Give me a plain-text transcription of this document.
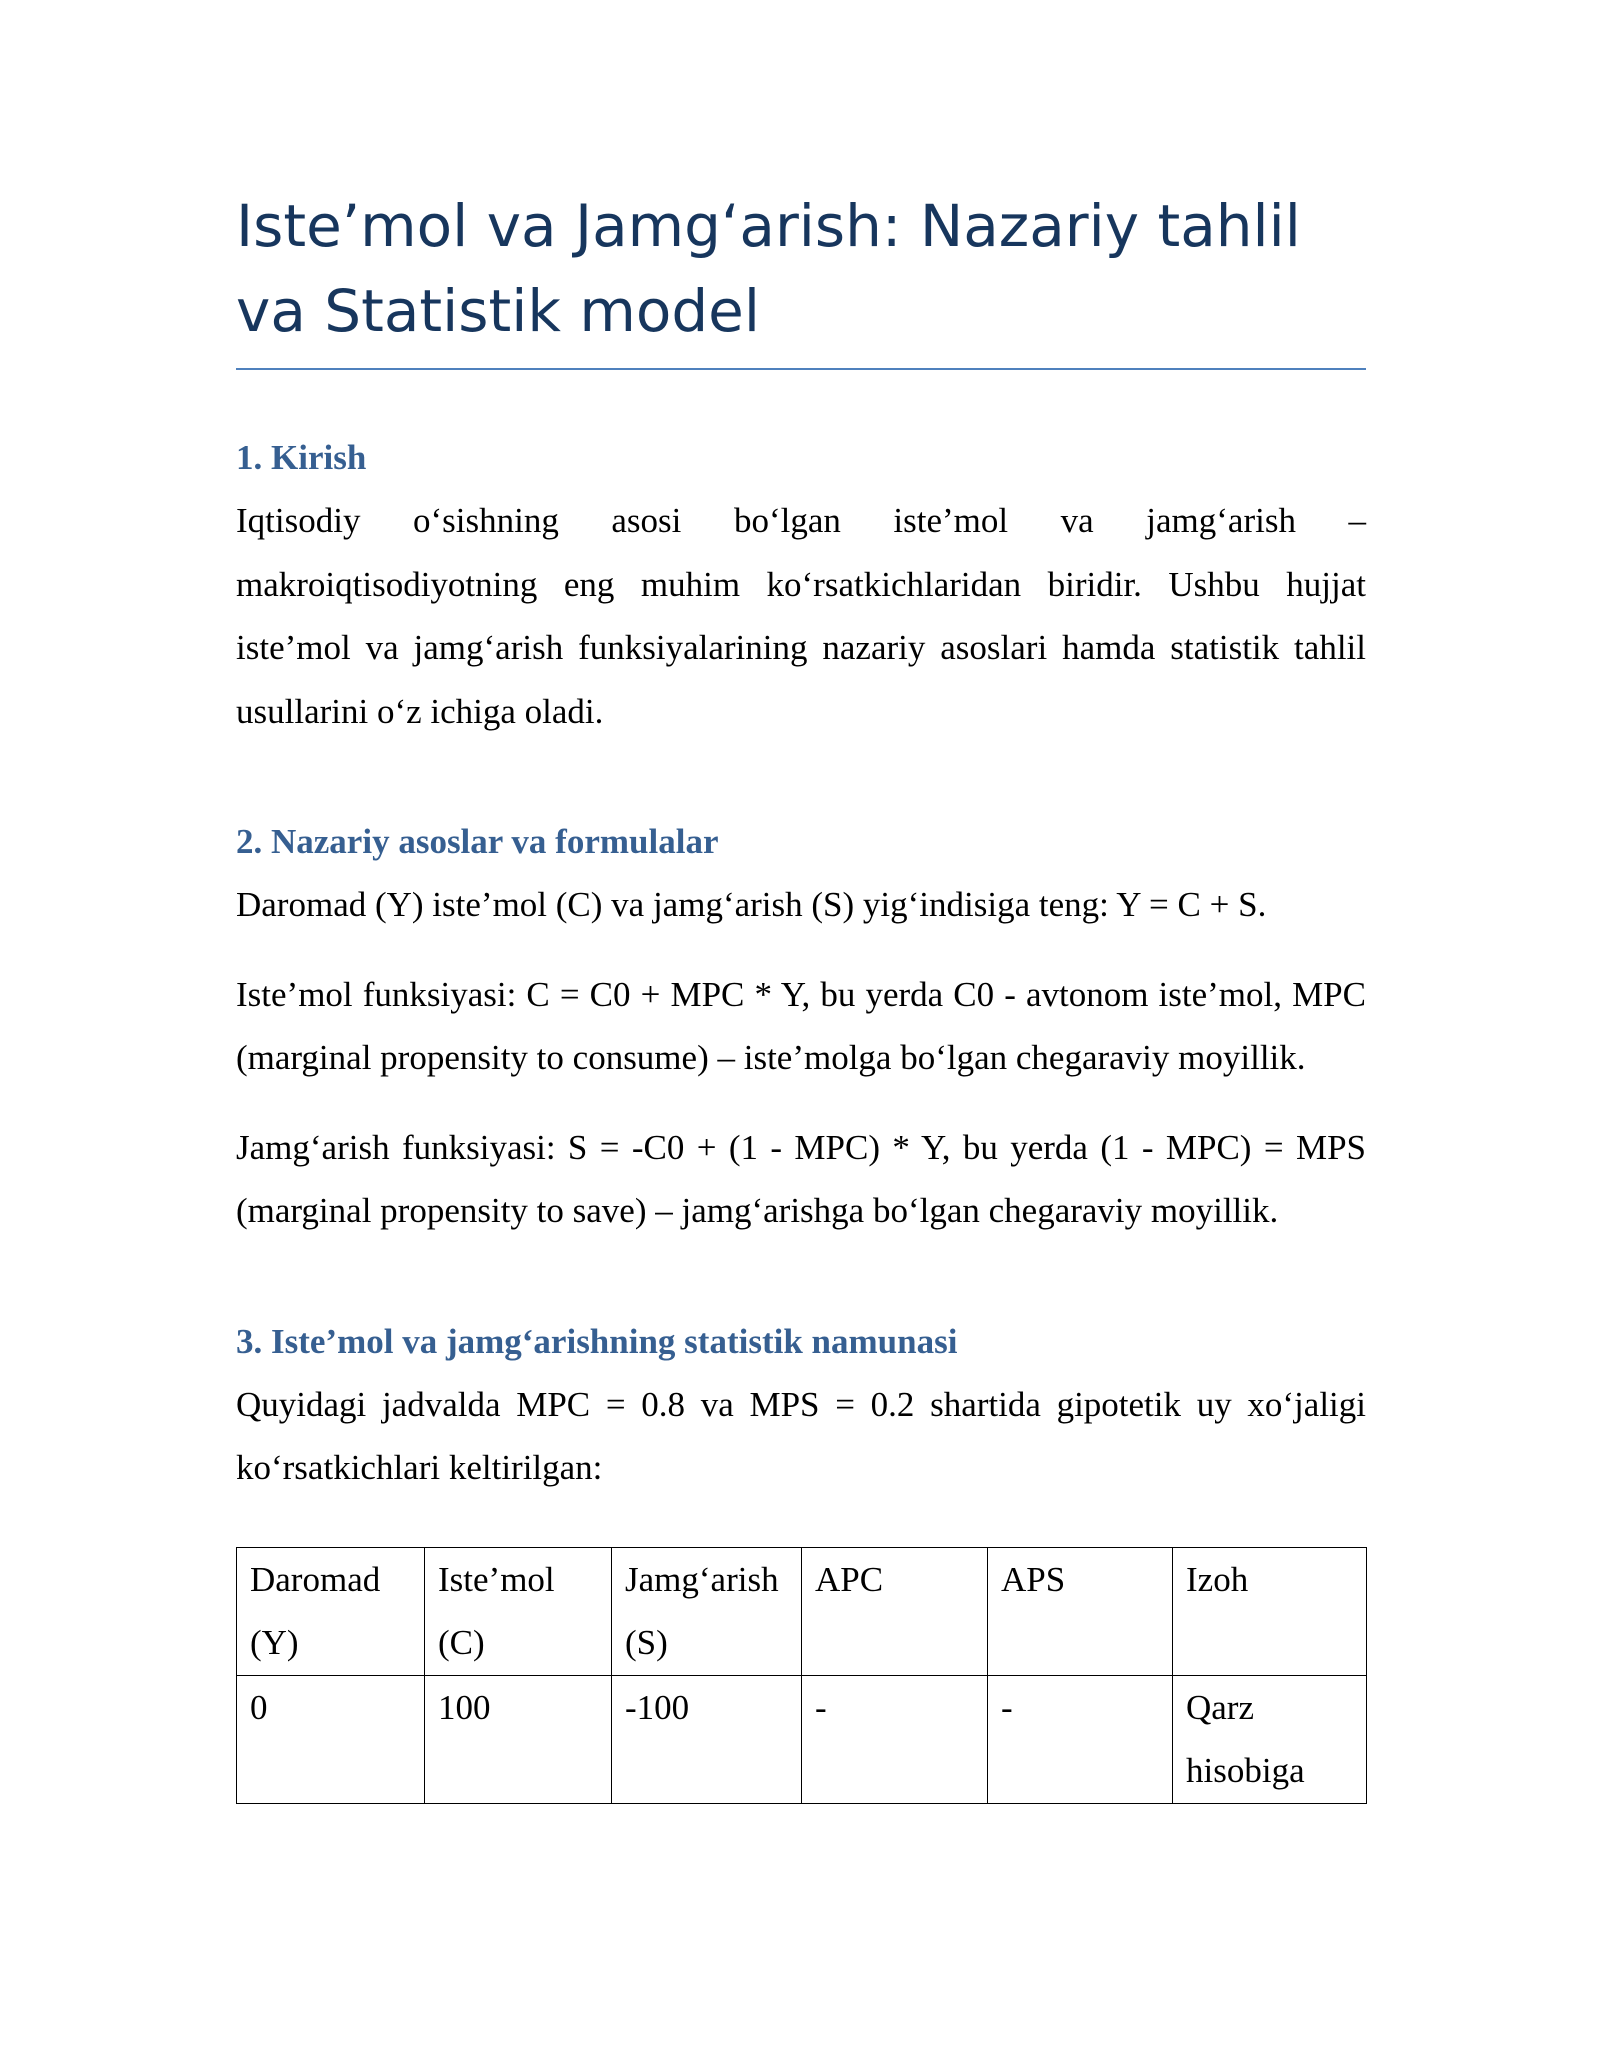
Iste’mol va Jamg‘arish: Nazariy tahlil va Statistik model
1. Kirish

Iqtisodiy o‘sishning asosi bo‘lgan iste’mol va jamg‘arish – makroiqtisodiyotning eng muhim ko‘rsatkichlaridan biridir. Ushbu hujjat iste’mol va jamg‘arish funksiyalarining nazariy asoslari hamda statistik tahlil usullarini o‘z ichiga oladi.

2. Nazariy asoslar va formulalar

Daromad (Y) iste’mol (C) va jamg‘arish (S) yig‘indisiga teng: Y = C + S.

Iste’mol funksiyasi: C = C0 + MPC * Y, bu yerda C0 - avtonom iste’mol, MPC (marginal propensity to consume) – iste’molga bo‘lgan chegaraviy moyillik.

Jamg‘arish funksiyasi: S = -C0 + (1 - MPC) * Y, bu yerda (1 - MPC) = MPS (marginal propensity to save) – jamg‘arishga bo‘lgan chegaraviy moyillik.

3. Iste’mol va jamg‘arishning statistik namunasi

Quyidagi jadvalda MPC = 0.8 va MPS = 0.2 shartida gipotetik uy xo‘jaligi ko‘rsatkichlari keltirilgan:

Daromad (Y)	Iste’mol (C)	Jamg‘arish (S)	APC	APS	Izoh
0	100	-100	-	-	Qarz hisobiga
